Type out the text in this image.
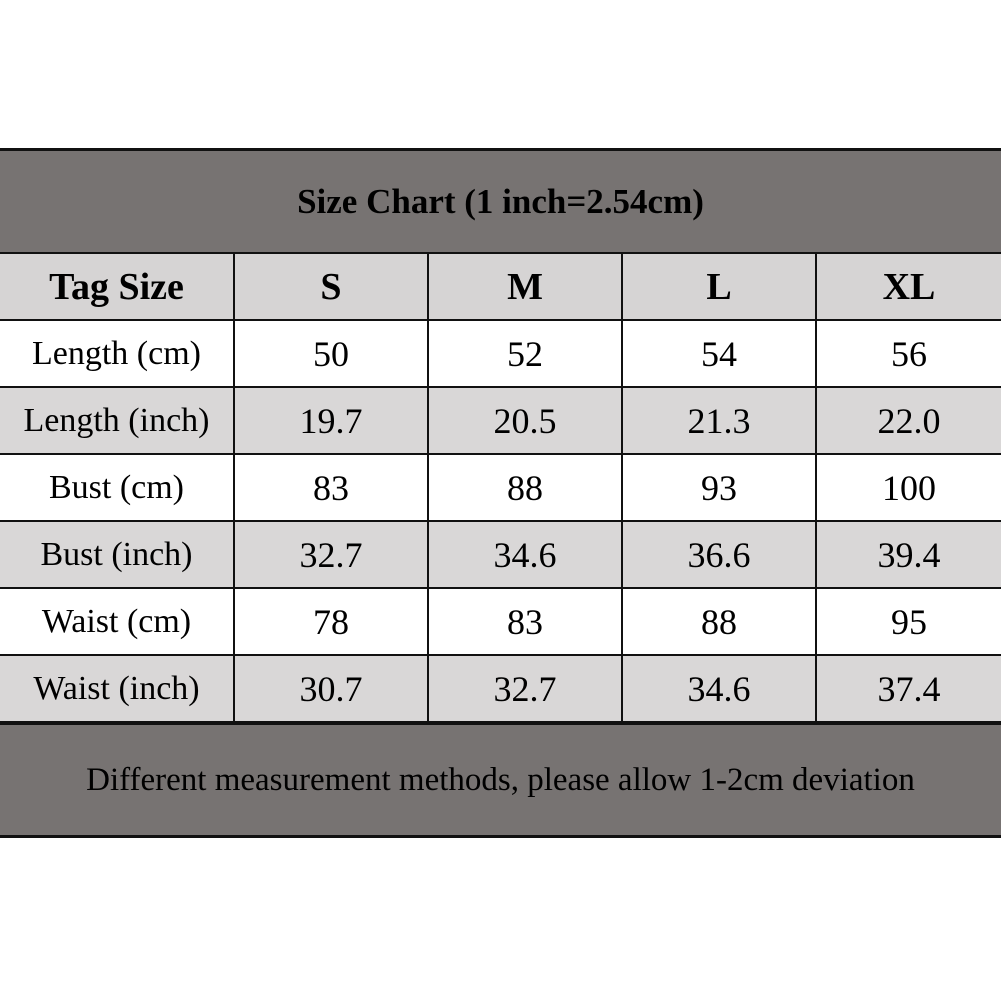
Size Chart (1 inch=2.54cm)
Tag Size	S	M	L	XL
Length (cm)	50	52	54	56
Length (inch)	19.7	20.5	21.3	22.0
Bust (cm)	83	88	93	100
Bust (inch)	32.7	34.6	36.6	39.4
Waist (cm)	78	83	88	95
Waist (inch)	30.7	32.7	34.6	37.4
Different measurement methods, please allow 1-2cm deviation
